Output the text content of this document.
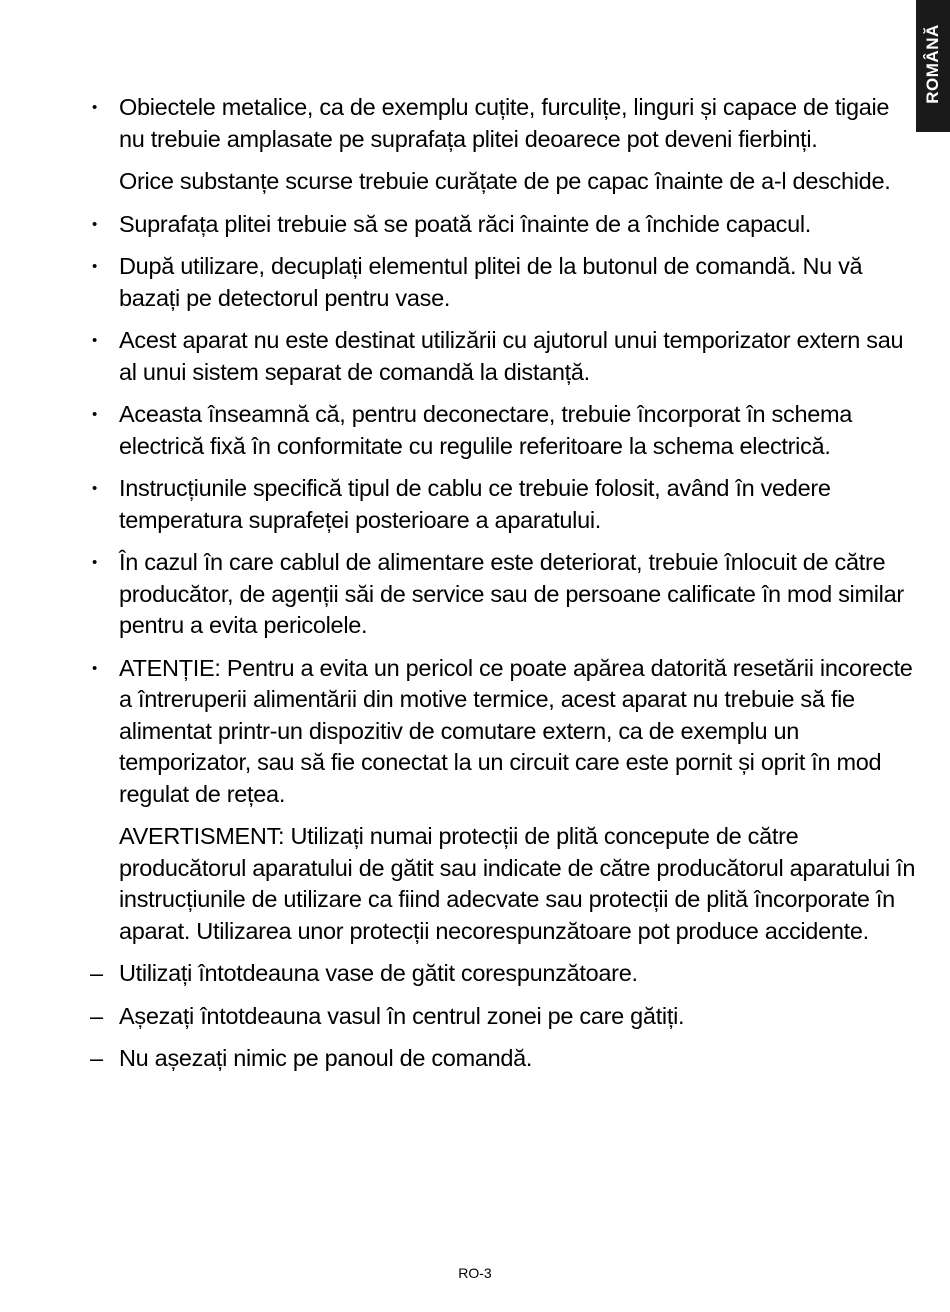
ROMÂNĂ
• Obiectele metalice, ca de exemplu cuțite, furculițe, linguri și capace de tigaie nu trebuie amplasate pe suprafața plitei deoarece pot deveni fierbinți.
Orice substanțe scurse trebuie curățate de pe capac înainte de a-l deschide.
• Suprafața plitei trebuie să se poată răci înainte de a închide capacul.
• După utilizare, decuplați elementul plitei de la butonul de comandă. Nu vă bazați pe detectorul pentru vase.
• Acest aparat nu este destinat utilizării cu ajutorul unui temporizator extern sau al unui sistem separat de comandă la distanță.
• Aceasta înseamnă că, pentru deconectare, trebuie încorporat în schema electrică fixă în conformitate cu regulile referitoare la schema electrică.
• Instrucțiunile specifică tipul de cablu ce trebuie folosit, având în vedere temperatura suprafeței posterioare a aparatului.
• În cazul în care cablul de alimentare este deteriorat, trebuie înlocuit de către producător, de agenții săi de service sau de persoane calificate în mod similar pentru a evita pericolele.
• ATENȚIE: Pentru a evita un pericol ce poate apărea datorită resetării incorecte a întreruperii alimentării din motive termice, acest aparat nu trebuie să fie alimentat printr-un dispozitiv de comutare extern, ca de exemplu un temporizator, sau să fie conectat la un circuit care este pornit și oprit în mod regulat de rețea.
AVERTISMENT: Utilizați numai protecții de plită concepute de către producătorul aparatului de gătit sau indicate de către producătorul aparatului în instrucțiunile de utilizare ca fiind adecvate sau protecții de plită încorporate în aparat. Utilizarea unor protecții necorespunzătoare pot produce accidente.
– Utilizați întotdeauna vase de gătit corespunzătoare.
– Așezați întotdeauna vasul în centrul zonei pe care gătiți.
– Nu așezați nimic pe panoul de comandă.
RO-3
